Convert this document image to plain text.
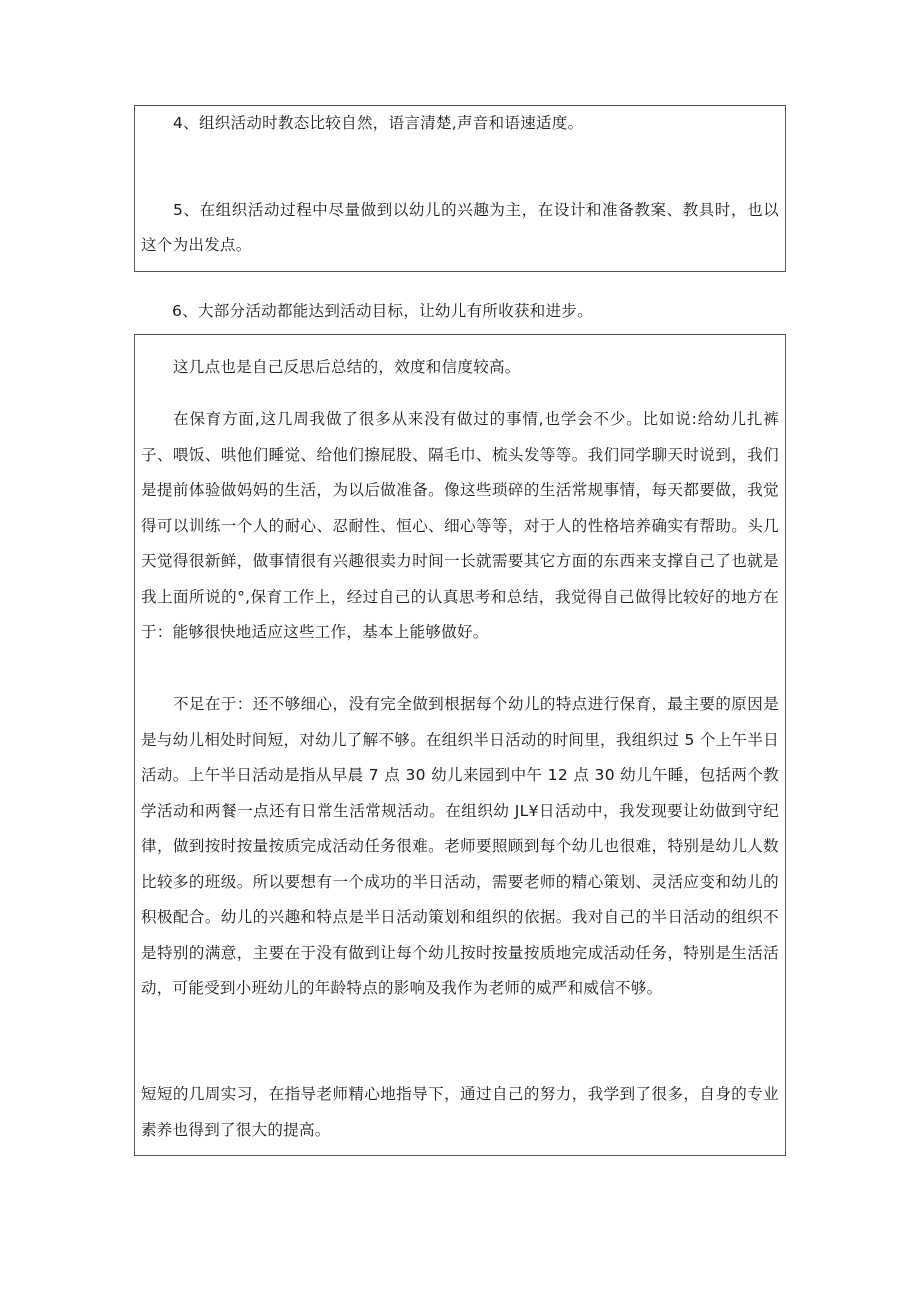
4、组织活动时教态比较自然，语言清楚,声音和语速适度。

5、在组织活动过程中尽量做到以幼儿的兴趣为主，在设计和准备教案、教具时，也以这个为出发点。

6、大部分活动都能达到活动目标，让幼儿有所收获和进步。

这几点也是自己反思后总结的，效度和信度较高。

在保育方面,这几周我做了很多从来没有做过的事情,也学会不少。比如说:给幼儿扎裤子、喂饭、哄他们睡觉、给他们擦屁股、隔毛巾、梳头发等等。我们同学聊天时说到，我们是提前体验做妈妈的生活，为以后做准备。像这些琐碎的生活常规事情，每天都要做，我觉得可以训练一个人的耐心、忍耐性、恒心、细心等等，对于人的性格培养确实有帮助。头几天觉得很新鲜，做事情很有兴趣很卖力时间一长就需要其它方面的东西来支撑自己了也就是我上面所说的°,保育工作上，经过自己的认真思考和总结，我觉得自己做得比较好的地方在于：能够很快地适应这些工作，基本上能够做好。

不足在于：还不够细心，没有完全做到根据每个幼儿的特点进行保育，最主要的原因是是与幼儿相处时间短，对幼儿了解不够。在组织半日活动的时间里，我组织过 5 个上午半日活动。上午半日活动是指从早晨 7 点 30 幼儿来园到中午 12 点 30 幼儿午睡，包括两个教学活动和两餐一点还有日常生活常规活动。在组织幼 JL¥日活动中，我发现要让幼做到守纪律，做到按时按量按质完成活动任务很难。老师要照顾到每个幼儿也很难，特别是幼儿人数比较多的班级。所以要想有一个成功的半日活动，需要老师的精心策划、灵活应变和幼儿的积极配合。幼儿的兴趣和特点是半日活动策划和组织的依据。我对自己的半日活动的组织不是特别的满意，主要在于没有做到让每个幼儿按时按量按质地完成活动任务，特别是生活活动，可能受到小班幼儿的年龄特点的影响及我作为老师的威严和威信不够。

短短的几周实习，在指导老师精心地指导下，通过自己的努力，我学到了很多，自身的专业素养也得到了很大的提高。
